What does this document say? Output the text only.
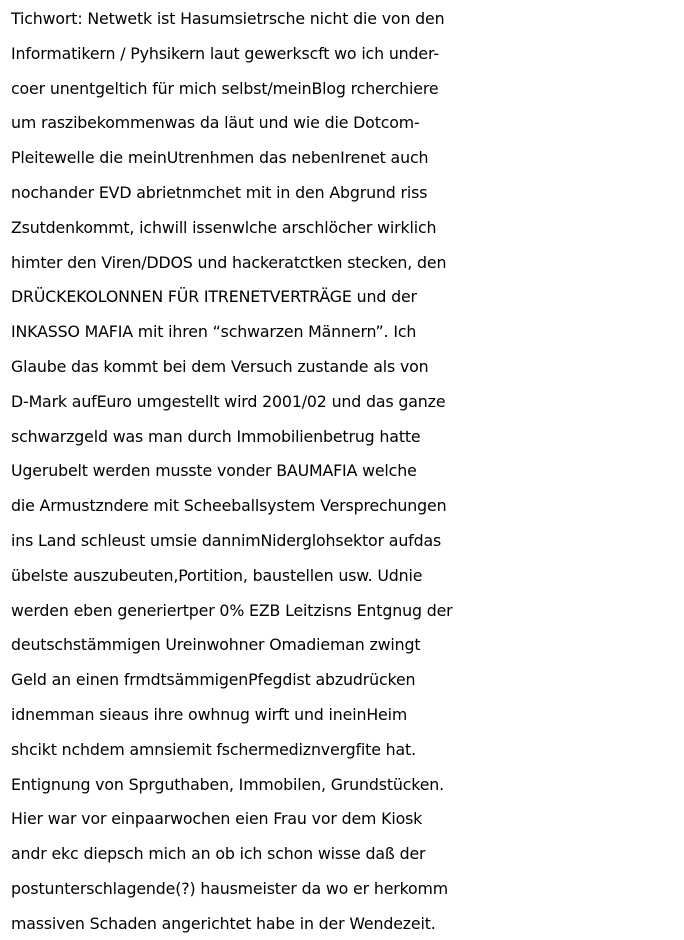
Tichwort: Netwetk ist Hasumsietrsche nicht die von den
Informatikern / Pyhsikern laut gewerkscft wo ich under-
coer unentgeltich für mich selbst/meinBlog rcherchiere
um raszibekommenwas da läut und wie die Dotcom-
Pleitewelle die meinUtrenhmen das nebenIrenet auch
nochander EVD abrietnmchet mit in den Abgrund riss
Zsutdenkommt, ichwill issenwlche arschlöcher wirklich
himter den Viren/DDOS und hackeratctken stecken, den
DRÜCKEKOLONNEN FÜR ITRENETVERTRÄGE und der
INKASSO MAFIA mit ihren “schwarzen Männern”. Ich
Glaube das kommt bei dem Versuch zustande als von
D-Mark aufEuro umgestellt wird 2001/02 und das ganze
schwarzgeld was man durch Immobilienbetrug hatte
Ugerubelt werden musste vonder BAUMAFIA welche
die Armustzndere mit Scheeballsystem Versprechungen
ins Land schleust umsie dannimNiderglohsektor aufdas
übelste auszubeuten,Portition, baustellen usw. Udnie
werden eben generiertper 0% EZB Leitzisns Entgnug der
deutschstämmigen Ureinwohner Omadieman zwingt
Geld an einen frmdtsämmigenPfegdist abzudrücken
idnemman sieaus ihre owhnug wirft und ineinHeim
shcikt nchdem amnsiemit fschermediznvergfite hat.
Entignung von Sprguthaben, Immobilen, Grundstücken.
Hier war vor einpaarwochen eien Frau vor dem Kiosk
andr ekc diepsch mich an ob ich schon wisse daß der
postunterschlagende(?) hausmeister da wo er herkomm
massiven Schaden angerichtet habe in der Wendezeit.
